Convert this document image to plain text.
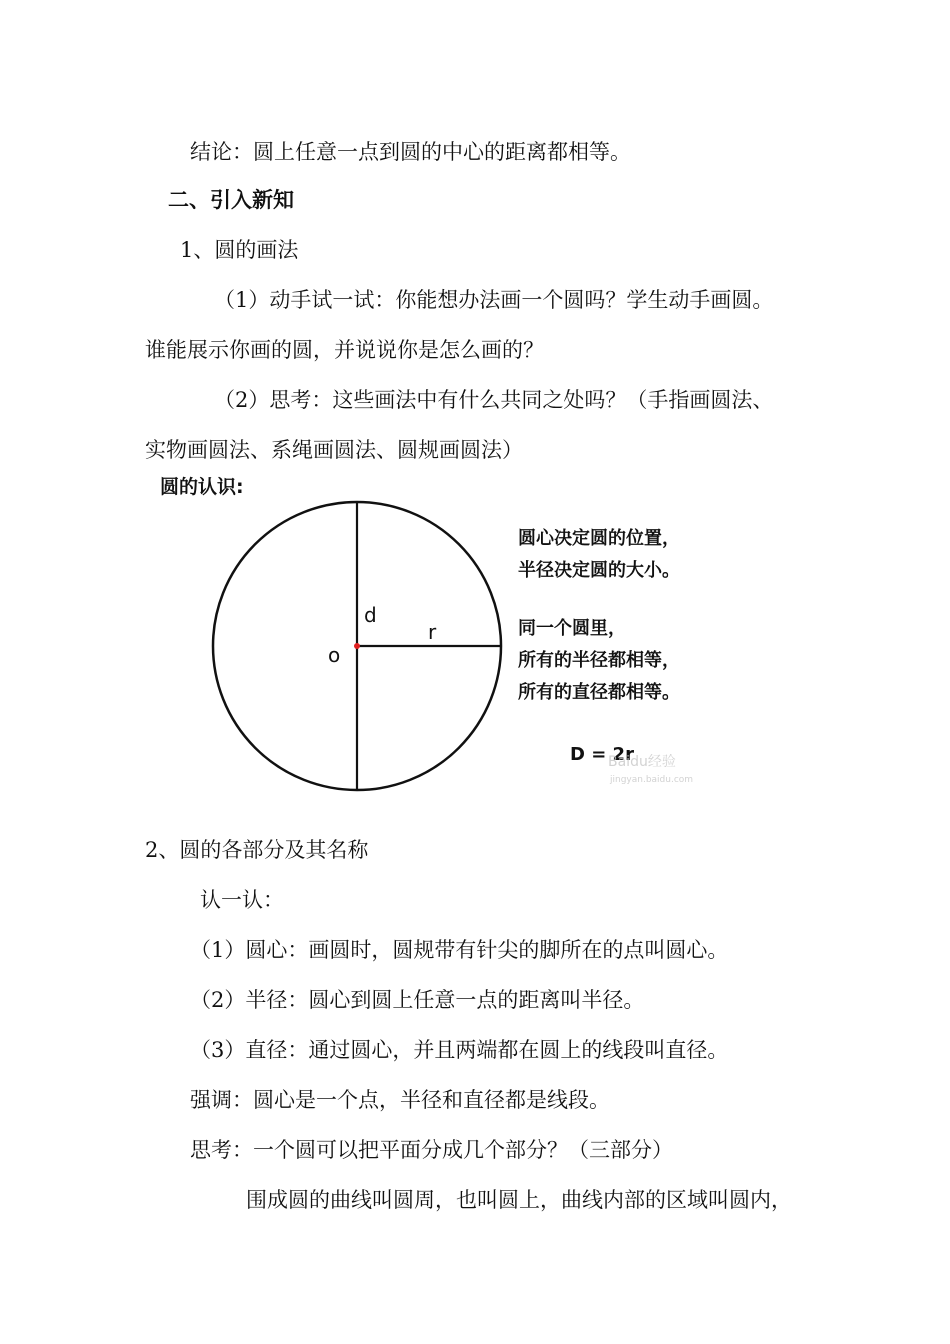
结论：圆上任意一点到圆的中心的距离都相等。
二、引入新知
1、圆的画法
（1）动手试一试：你能想办法画一个圆吗？学生动手画圆。
谁能展示你画的圆，并说说你是怎么画的？
（2）思考：这些画法中有什么共同之处吗？（手指画圆法、
实物画圆法、系绳画圆法、圆规画圆法）
圆的认识:
d
r
o
圆心决定圆的位置，
半径决定圆的大小。
同一个圆里，
所有的半径都相等，
所有的直径都相等。
D = 2r
Baidu经验
jingyan.baidu.com
2、圆的各部分及其名称
认一认：
（1）圆心：画圆时，圆规带有针尖的脚所在的点叫圆心。
（2）半径：圆心到圆上任意一点的距离叫半径。
（3）直径：通过圆心，并且两端都在圆上的线段叫直径。
强调：圆心是一个点，半径和直径都是线段。
思考：一个圆可以把平面分成几个部分？（三部分）
围成圆的曲线叫圆周，也叫圆上，曲线内部的区域叫圆内，
